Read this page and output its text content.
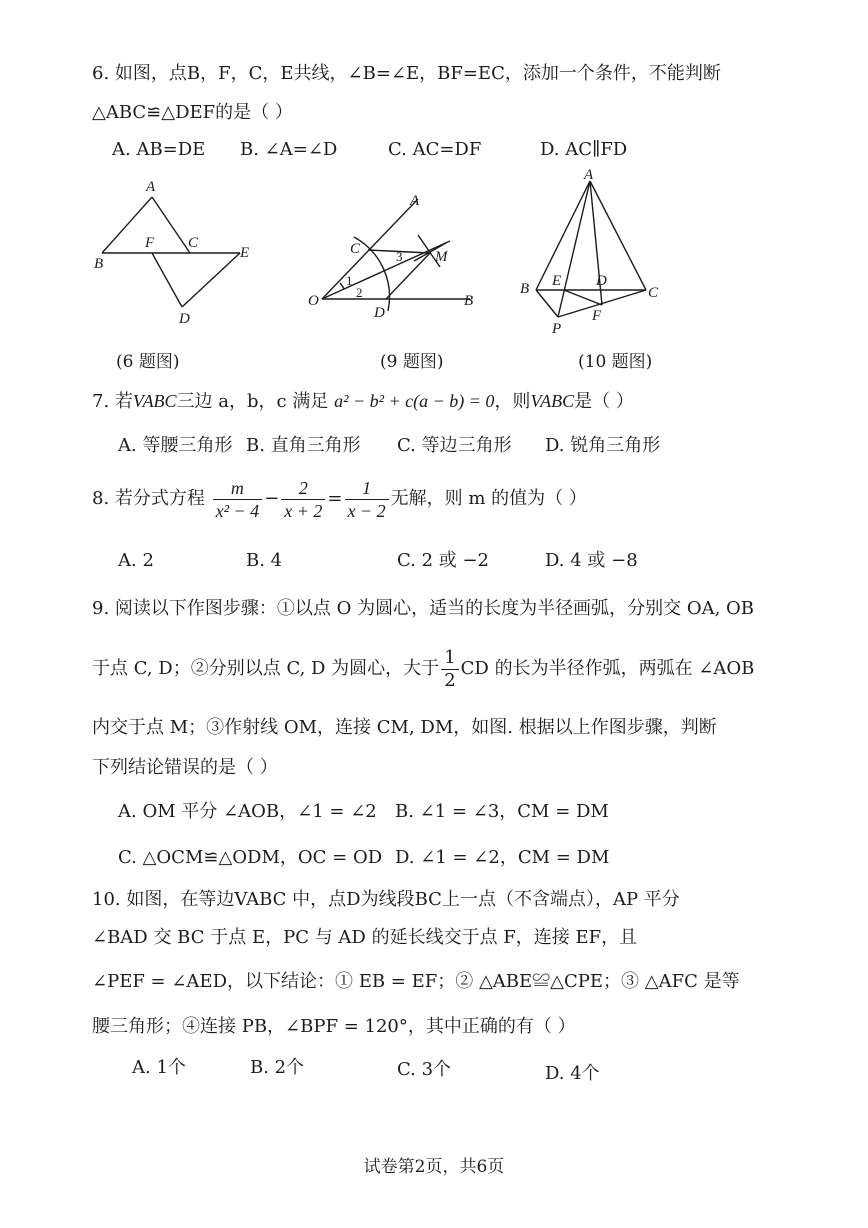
6. 如图，点B，F，C，E共线，∠B=∠E，BF=EC，添加一个条件，不能判断
△ABC≌△DEF的是（ ）
A. AB=DE B. ∠A=∠D	C. AC=DF	D. AC∥FD
A
B
C
F
E
D
(6 题图)
O
A
B
C
D
M
1
2
3
(9 题图)
A
B	C
D
E
F
P
(10 题图)
7. 若VABC三边 a，b，c 满足 a² − b² + c(a − b) = 0，则VABC是（ ）
A. 等腰三角形 B. 直角三角形 C. 等边三角形 D. 锐角三角形
8. 若分式方程 $\frac{m}{\text{x² − 4}} - \frac{2}{x + 2} = \frac{1}{x - 2}$ 无解，则 m 的值为（ ）
A. 2	B. 4	C. 2 或 −2	D. 4 或 −8
9. 阅读以下作图步骤：①以点 O 为圆心，适当的长度为半径画弧，分别交 OA, OB
于点 C, D；②分别以点 C, D 为圆心，大于 $\frac{1}{2}$ CD 的长为半径作弧，两弧在 ∠AOB
内交于点 M；③作射线 OM，连接 CM, DM，如图. 根据以上作图步骤，判断
下列结论错误的是（ ）
A. OM 平分 ∠AOB，∠1 = ∠2 B. ∠1 = ∠3，CM = DM
C. △OCM≌△ODM，OC = OD D. ∠1 = ∠2，CM = DM
10. 如图，在等边VABC 中，点D为线段BC上一点（不含端点），AP 平分
∠BAD 交 BC 于点 E，PC 与 AD 的延长线交于点 F，连接 EF，且
∠PEF = ∠AED，以下结论：① EB = EF；② △ABE≌△CPE；③ △AFC 是等
腰三角形；④连接 PB，∠BPF = 120°，其中正确的有（ ）
A. 1个	B. 2个	C. 3个	D. 4个
试卷第2页，共6页
